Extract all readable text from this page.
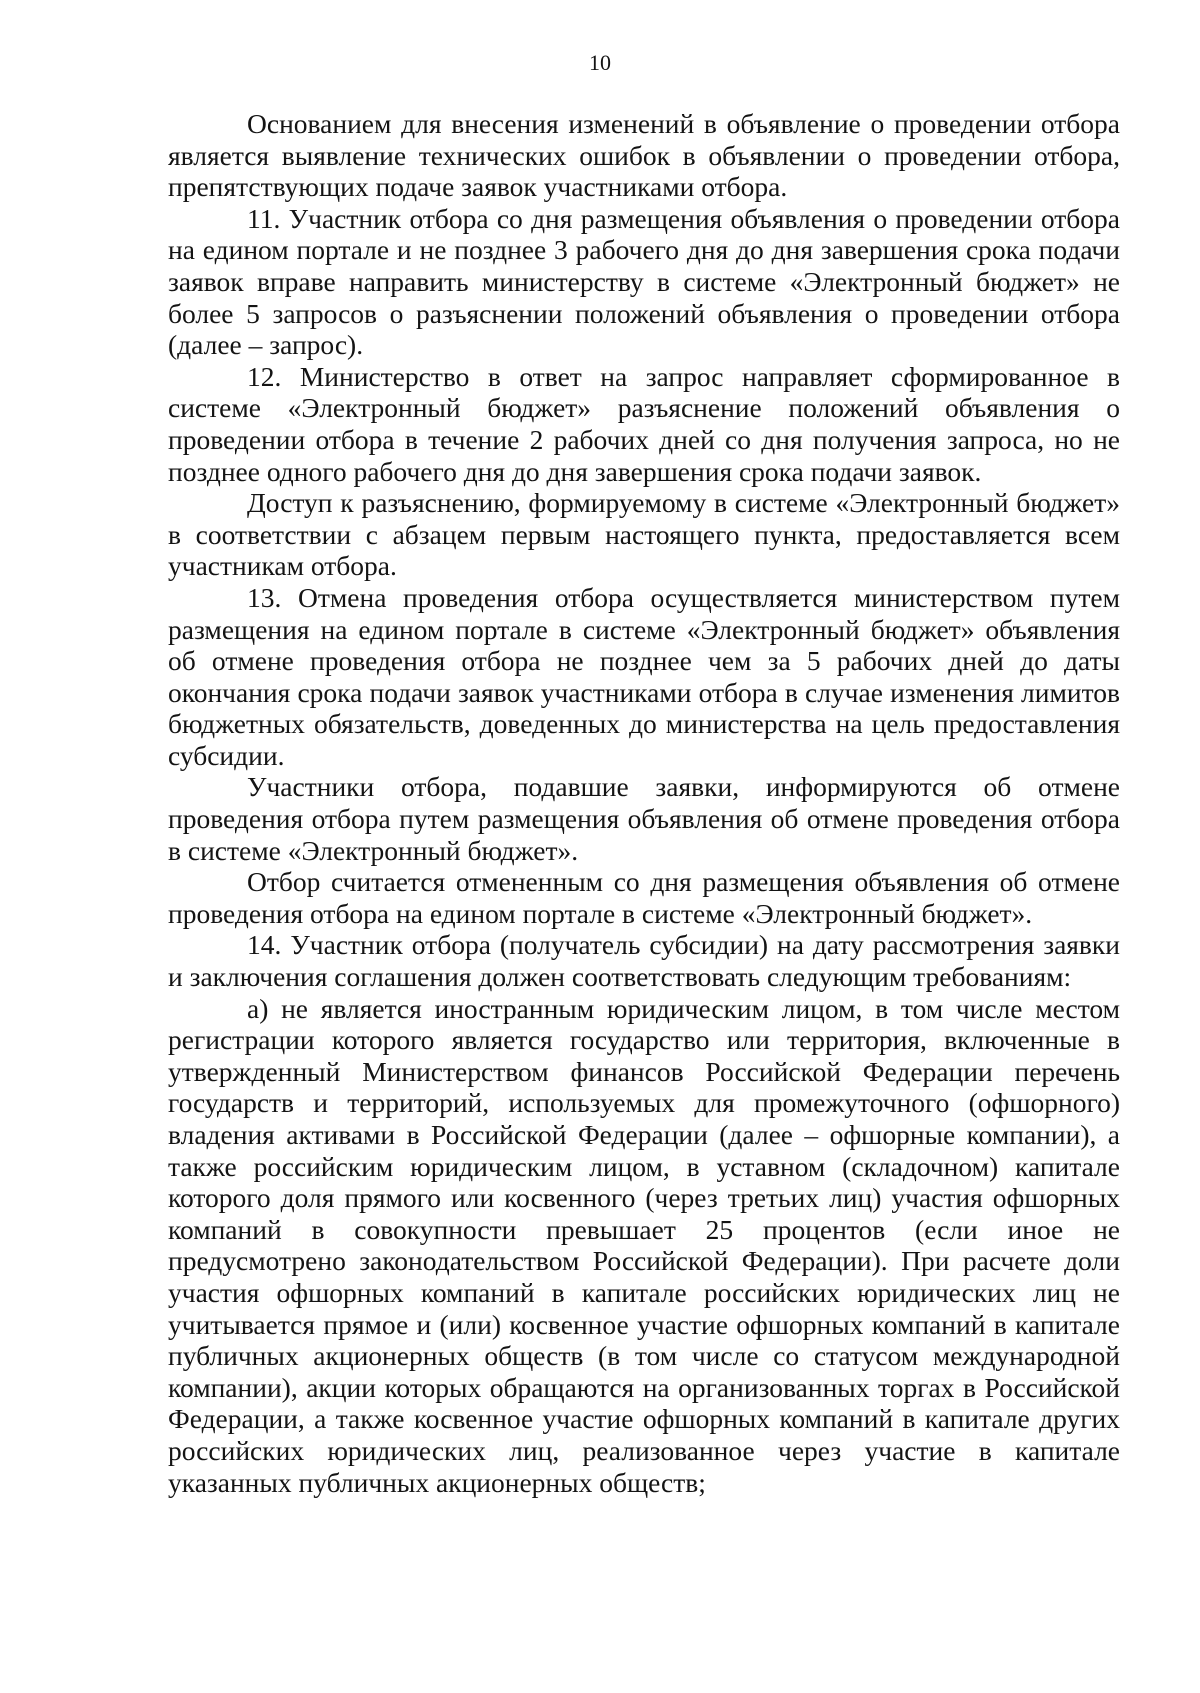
10

Основанием для внесения изменений в объявление о проведении отбора является выявление технических ошибок в объявлении о проведении отбора, препятствующих подаче заявок участниками отбора.

11. Участник отбора со дня размещения объявления о проведении отбора на едином портале и не позднее 3 рабочего дня до дня завершения срока подачи заявок вправе направить министерству в системе «Электронный бюджет» не более 5 запросов о разъяснении положений объявления о проведении отбора (далее – запрос).

12. Министерство в ответ на запрос направляет сформированное в системе «Электронный бюджет» разъяснение положений объявления о проведении отбора в течение 2 рабочих дней со дня получения запроса, но не позднее одного рабочего дня до дня завершения срока подачи заявок.

Доступ к разъяснению, формируемому в системе «Электронный бюджет» в соответствии с абзацем первым настоящего пункта, предоставляется всем участникам отбора.

13. Отмена проведения отбора осуществляется министерством путем размещения на едином портале в системе «Электронный бюджет» объявления об отмене проведения отбора не позднее чем за 5 рабочих дней до даты окончания срока подачи заявок участниками отбора в случае изменения лимитов бюджетных обязательств, доведенных до министерства на цель предоставления субсидии.

Участники отбора, подавшие заявки, информируются об отмене проведения отбора путем размещения объявления об отмене проведения отбора в системе «Электронный бюджет».

Отбор считается отмененным со дня размещения объявления об отмене проведения отбора на едином портале в системе «Электронный бюджет».

14. Участник отбора (получатель субсидии) на дату рассмотрения заявки и заключения соглашения должен соответствовать следующим требованиям:

а) не является иностранным юридическим лицом, в том числе местом регистрации которого является государство или территория, включенные в утвержденный Министерством финансов Российской Федерации перечень государств и территорий, используемых для промежуточного (офшорного) владения активами в Российской Федерации (далее – офшорные компании), а также российским юридическим лицом, в уставном (складочном) капитале которого доля прямого или косвенного (через третьих лиц) участия офшорных компаний в совокупности превышает 25 процентов (если иное не предусмотрено законодательством Российской Федерации). При расчете доли участия офшорных компаний в капитале российских юридических лиц не учитывается прямое и (или) косвенное участие офшорных компаний в капитале публичных акционерных обществ (в том числе со статусом международной компании), акции которых обращаются на организованных торгах в Российской Федерации, а также косвенное участие офшорных компаний в капитале других российских юридических лиц, реализованное через участие в капитале указанных публичных акционерных обществ;
